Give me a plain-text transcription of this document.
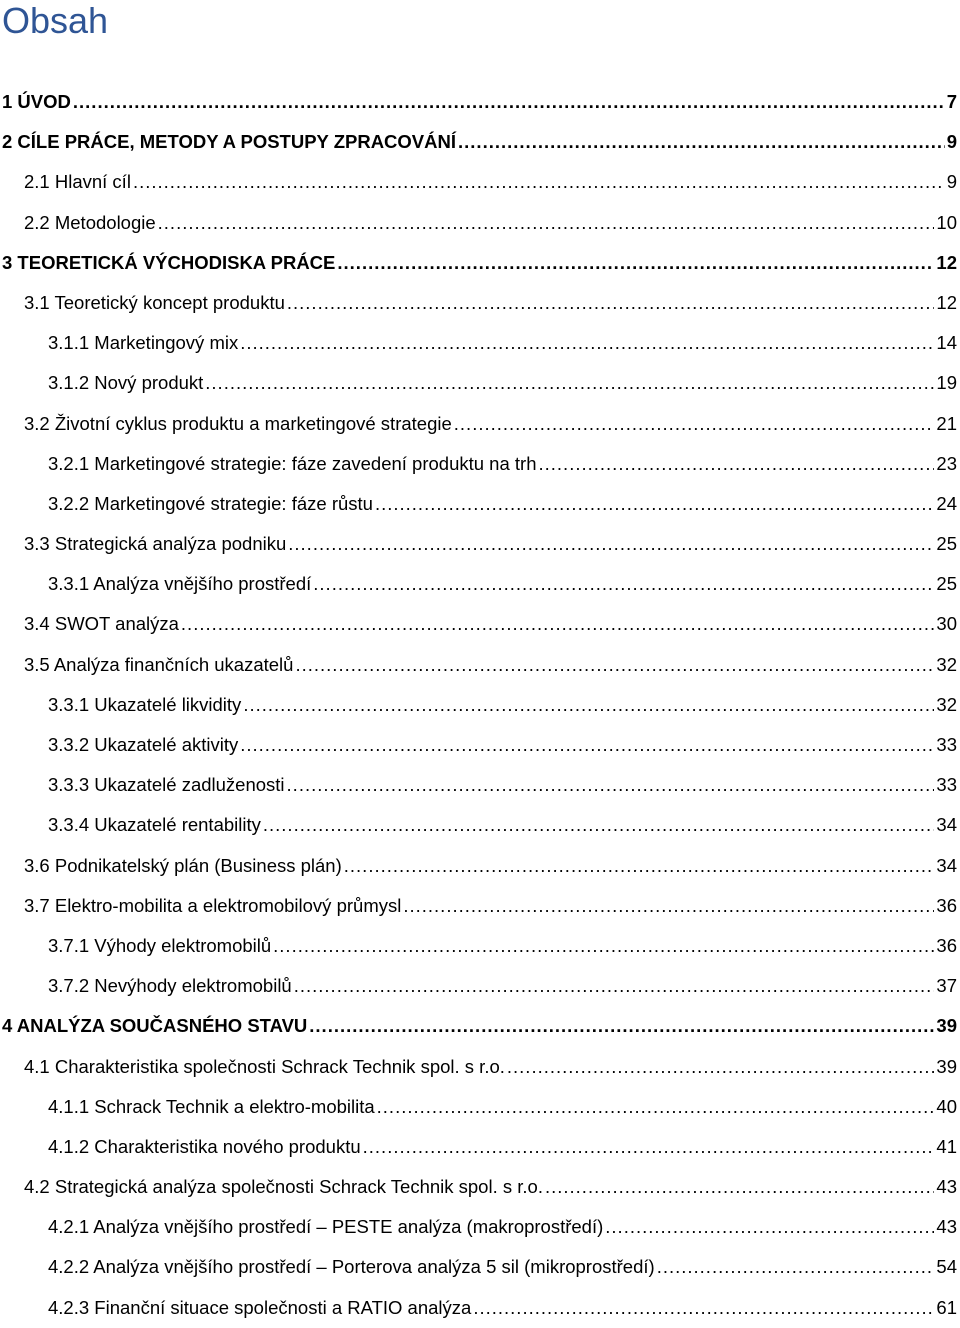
Obsah
1 ÚVOD .....	7
2 CÍLE PRÁCE, METODY A POSTUPY ZPRACOVÁNÍ .....	9
2.1 Hlavní cíl .....	9
2.2 Metodologie .....	10
3 TEORETICKÁ VÝCHODISKA PRÁCE .....	12
3.1 Teoretický koncept produktu .....	12
3.1.1 Marketingový mix .....	14
3.1.2 Nový produkt .....	19
3.2 Životní cyklus produktu a marketingové strategie .....	21
3.2.1 Marketingové strategie: fáze zavedení produktu na trh .....	23
3.2.2 Marketingové strategie: fáze růstu .....	24
3.3 Strategická analýza podniku .....	25
3.3.1 Analýza vnějšího prostředí .....	25
3.4 SWOT analýza .....	30
3.5 Analýza finančních ukazatelů .....	32
3.3.1 Ukazatelé likvidity .....	32
3.3.2 Ukazatelé aktivity .....	33
3.3.3 Ukazatelé zadluženosti .....	33
3.3.4 Ukazatelé rentability .....	34
3.6 Podnikatelský plán (Business plán) .....	34
3.7 Elektro-mobilita a elektromobilový průmysl .....	36
3.7.1 Výhody elektromobilů .....	36
3.7.2 Nevýhody elektromobilů .....	37
4 ANALÝZA SOUČASNÉHO STAVU .....	39
4.1 Charakteristika společnosti Schrack Technik spol. s r.o. .....	39
4.1.1 Schrack Technik a elektro-mobilita .....	40
4.1.2 Charakteristika nového produktu .....	41
4.2 Strategická analýza společnosti Schrack Technik spol. s r.o. .....	43
4.2.1 Analýza vnějšího prostředí – PESTE analýza (makroprostředí) .....	43
4.2.2 Analýza vnějšího prostředí – Porterova analýza 5 sil (mikroprostředí) .....	54
4.2.3 Finanční situace společnosti a RATIO analýza .....	61
